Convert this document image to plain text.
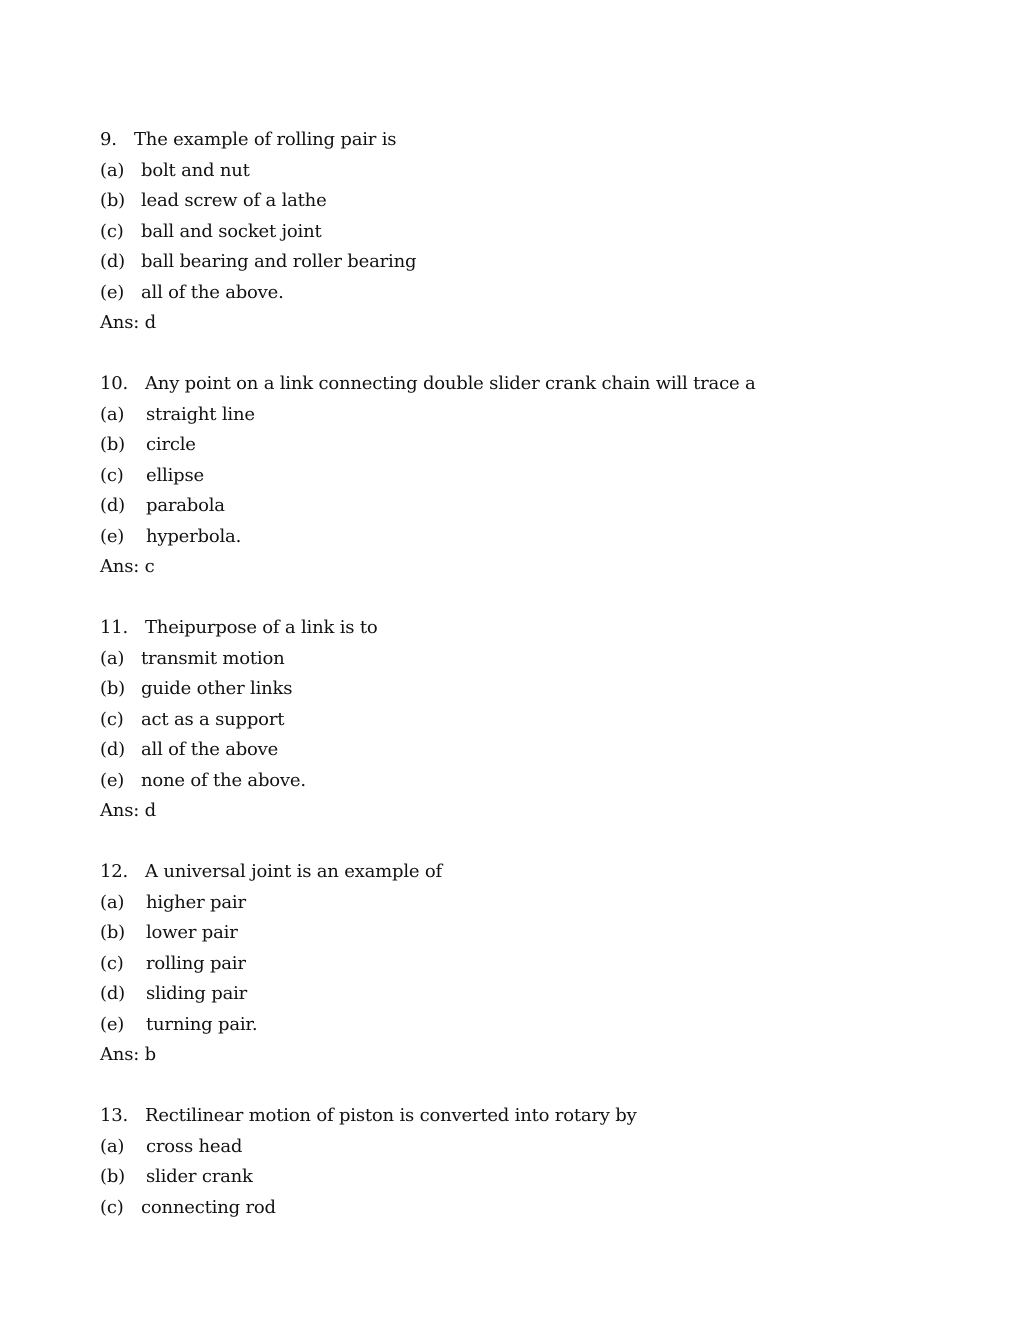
9. The example of rolling pair is
(a) bolt and nut
(b) lead screw of a lathe
(c) ball and socket joint
(d) ball bearing and roller bearing
(e) all of the above.
Ans: d
10. Any point on a link connecting double slider crank chain will trace a
(a) straight line
(b) circle
(c) ellipse
(d) parabola
(e) hyperbola.
Ans: c
11. Theipurpose of a link is to
(a) transmit motion
(b) guide other links
(c) act as a support
(d) all of the above
(e) none of the above.
Ans: d
12. A universal joint is an example of
(a) higher pair
(b) lower pair
(c) rolling pair
(d) sliding pair
(e) turning pair.
Ans: b
13. Rectilinear motion of piston is converted into rotary by
(a) cross head
(b) slider crank
(c) connecting rod
